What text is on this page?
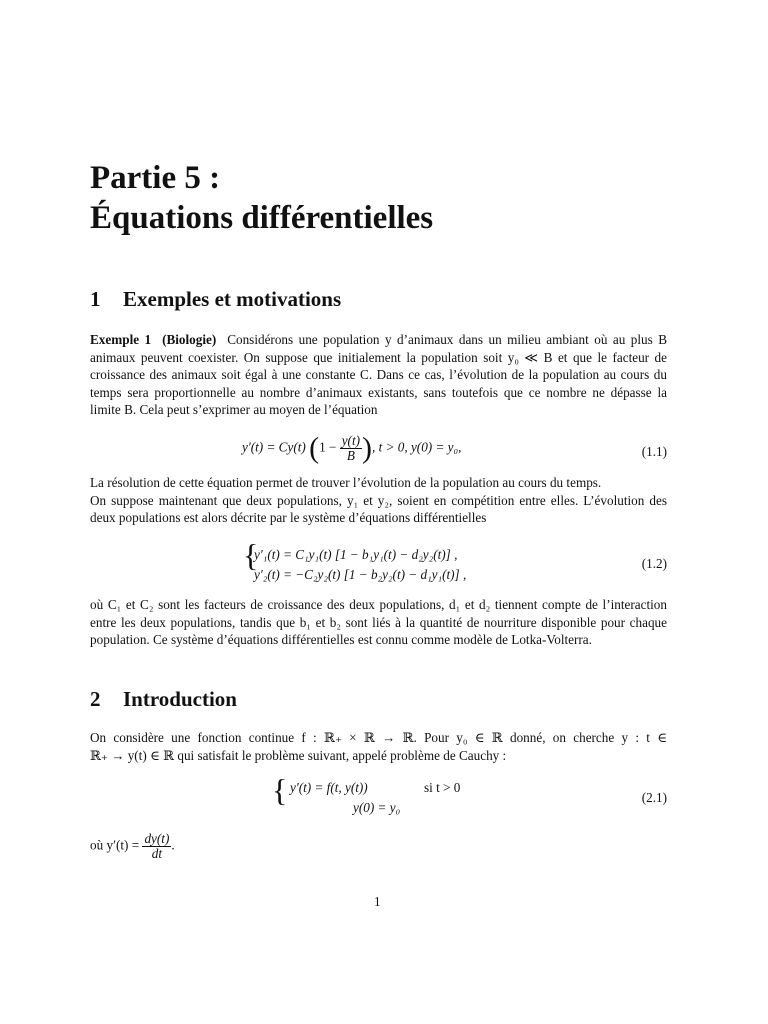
Partie 5 :
Équations différentielles
1 Exemples et motivations
Exemple 1 (Biologie) Considérons une population y d’animaux dans un milieu ambiant où au plus B
animaux peuvent coexister. On suppose que initialement la population soit y₀ ≪ B et que le facteur de
croissance des animaux soit égal à une constante C. Dans ce cas, l’évolution de la population au cours du
temps sera proportionnelle au nombre d’animaux existants, sans toutefois que ce nombre ne dépasse la
limite B. Cela peut s’exprimer au moyen de l’équation
y′(t) = Cy(t) ($1 - \frac{y(t)}{B}$ ), t > 0, y(0) = y₀,	(1.1)
La résolution de cette équation permet de trouver l’évolution de la population au cours du temps.
On suppose maintenant que deux populations, y₁ et y₂, soient en compétition entre elles. L’évolution des
deux populations est alors décrite par le système d’équations différentielles
{
y′₁(t) = C₁y₁(t) [1 − b₁y₁(t) − d₂y₂(t)] ,
y′₂(t) = −C₂y₂(t) [1 − b₂y₂(t) − d₁y₁(t)] ,
(1.2)
où C₁ et C₂ sont les facteurs de croissance des deux populations, d₁ et d₂ tiennent compte de l’interaction
entre les deux populations, tandis que b₁ et b₂ sont liés à la quantité de nourriture disponible pour chaque
population. Ce système d’équations différentielles est connu comme modèle de Lotka-Volterra.
2 Introduction
On considère une fonction continue f : ℝ₊ × ℝ → ℝ. Pour y₀ ∈ ℝ donné, on cherche y : t ∈
ℝ₊ → y(t) ∈ ℝ qui satisfait le problème suivant, appelé problème de Cauchy :
{ y′(t) = f(t, y(t))	si t > 0
y(0) = y₀
(2.1)
où $y'(t) = \frac{dy(t)}{dt}$ .
1
